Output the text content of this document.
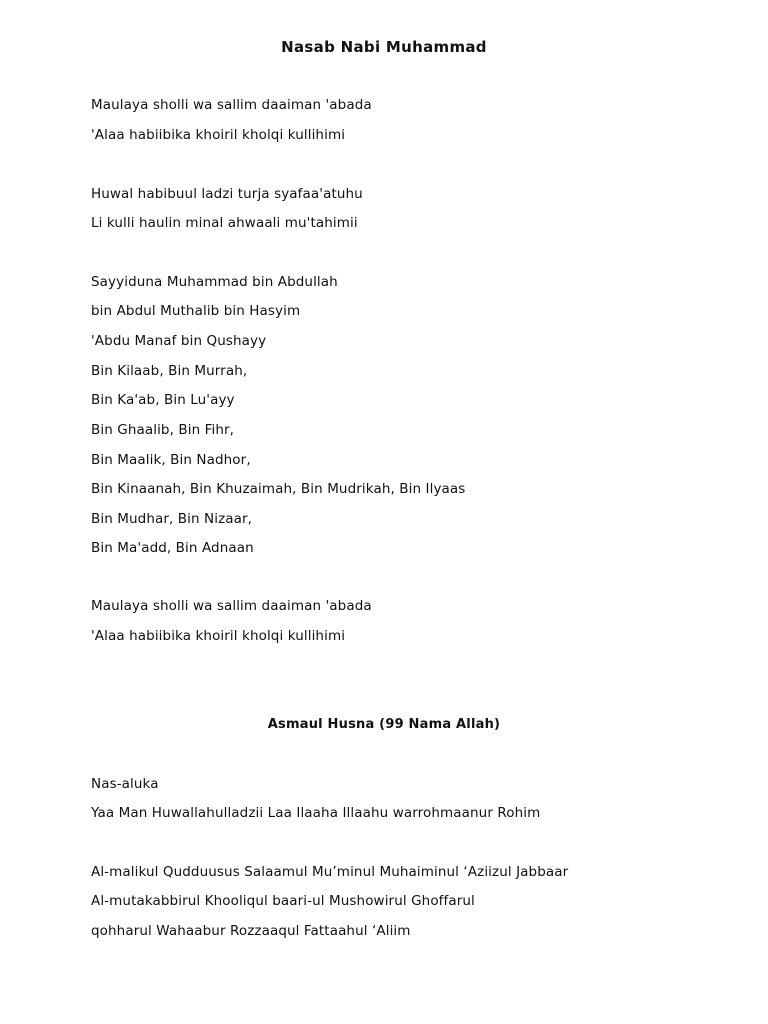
Nasab Nabi Muhammad
Maulaya sholli wa sallim daaiman 'abada
'Alaa habiibika khoiril kholqi kullihimi
Huwal habibuul ladzi turja syafaa'atuhu
Li kulli haulin minal ahwaali mu'tahimii
Sayyiduna Muhammad bin Abdullah
bin Abdul Muthalib bin Hasyim
'Abdu Manaf bin Qushayy
Bin Kilaab, Bin Murrah,
Bin Ka'ab, Bin Lu'ayy
Bin Ghaalib, Bin Fihr,
Bin Maalik, Bin Nadhor,
Bin Kinaanah, Bin Khuzaimah, Bin Mudrikah, Bin Ilyaas
Bin Mudhar, Bin Nizaar,
Bin Ma'add, Bin Adnaan
Maulaya sholli wa sallim daaiman 'abada
'Alaa habiibika khoiril kholqi kullihimi
Asmaul Husna (99 Nama Allah)
Nas-aluka
Yaa Man Huwallahulladzii Laa Ilaaha Illaahu warrohmaanur Rohim
Al-malikul Qudduusus Salaamul Mu’minul Muhaiminul ‘Aziizul Jabbaar
Al-mutakabbirul Khooliqul baari-ul Mushowirul Ghoffarul
qohharul Wahaabur Rozzaaqul Fattaahul ‘Aliim
